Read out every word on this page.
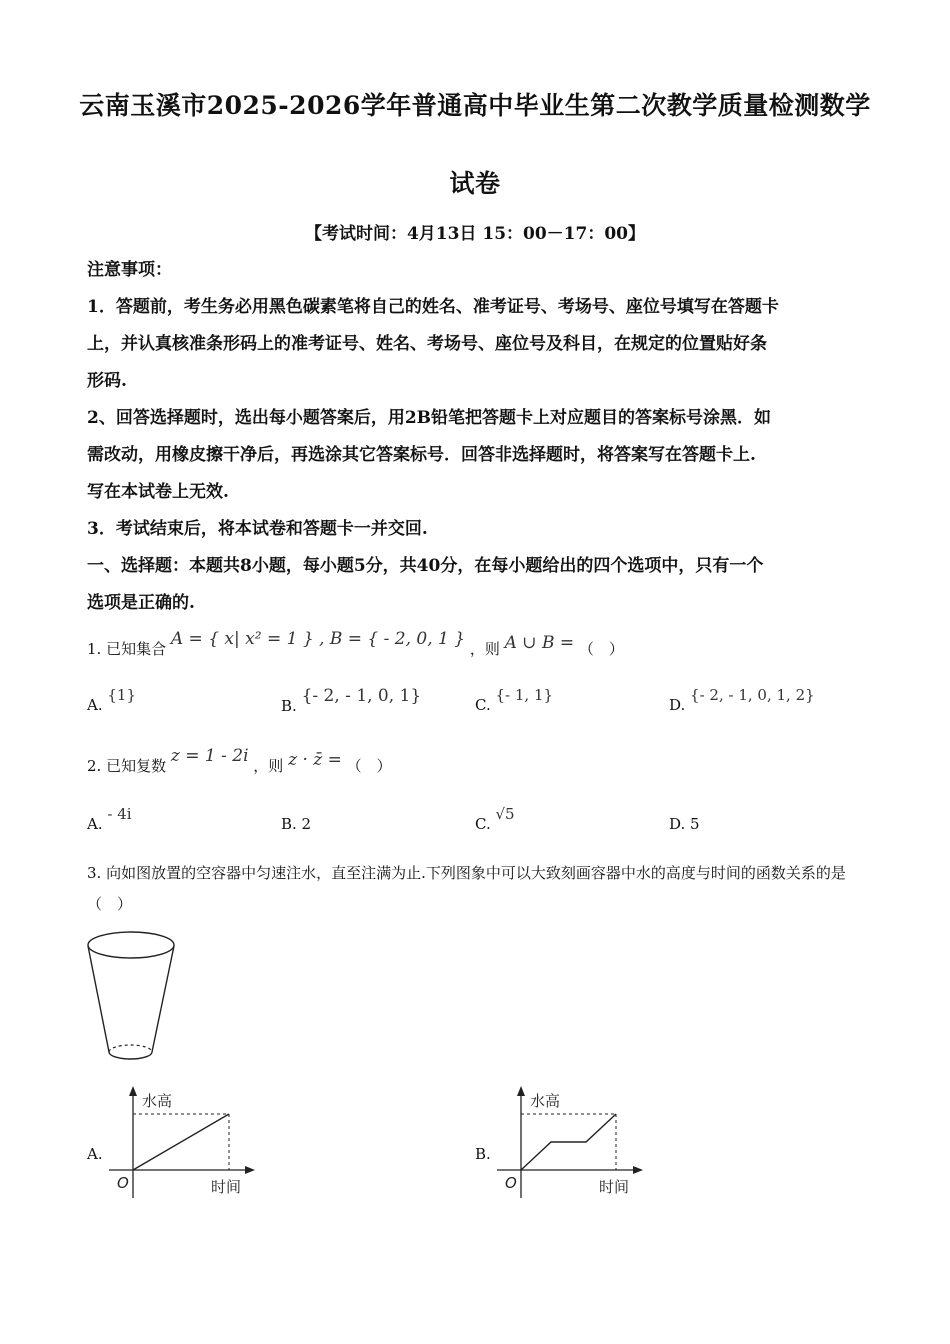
云南玉溪市2025-2026学年普通高中毕业生第二次教学质量检测数学
试卷
【考试时间：4月13日 15：00－17：00】

注意事项：

1．答题前，考生务必用黑色碳素笔将自己的姓名、准考证号、考场号、座位号填写在答题卡

上，并认真核准条形码上的准考证号、姓名、考场号、座位号及科目，在规定的位置贴好条

形码.

2、回答选择题时，选出每小题答案后，用2B铅笔把答题卡上对应题目的答案标号涂黑．如

需改动，用橡皮擦干净后，再选涂其它答案标号．回答非选择题时，将答案写在答题卡上.

写在本试卷上无效.

3．考试结束后，将本试卷和答题卡一并交回.

一、选择题：本题共8小题，每小题5分，共40分，在每小题给出的四个选项中，只有一个

选项是正确的.

1. 已知集合 A = { x| x² = 1 } , B = { - 2, 0, 1 } ，则 A ∪ B = （　）
A. {1}
B. {- 2, - 1, 0, 1}	C. {- 1, 1}
D. {- 2, - 1, 0, 1, 2}
2. 已知复数 z = 1 - 2i ，则 z · z̄ = （　）
A. - 4i
B. 2	C. √5
D. 5
3. 向如图放置的空容器中匀速注水，直至注满为止.下列图象中可以大致刻画容器中水的高度与时间的函数关系的是（　）
A.
水高
时间
O
B.
水高
时间
O
